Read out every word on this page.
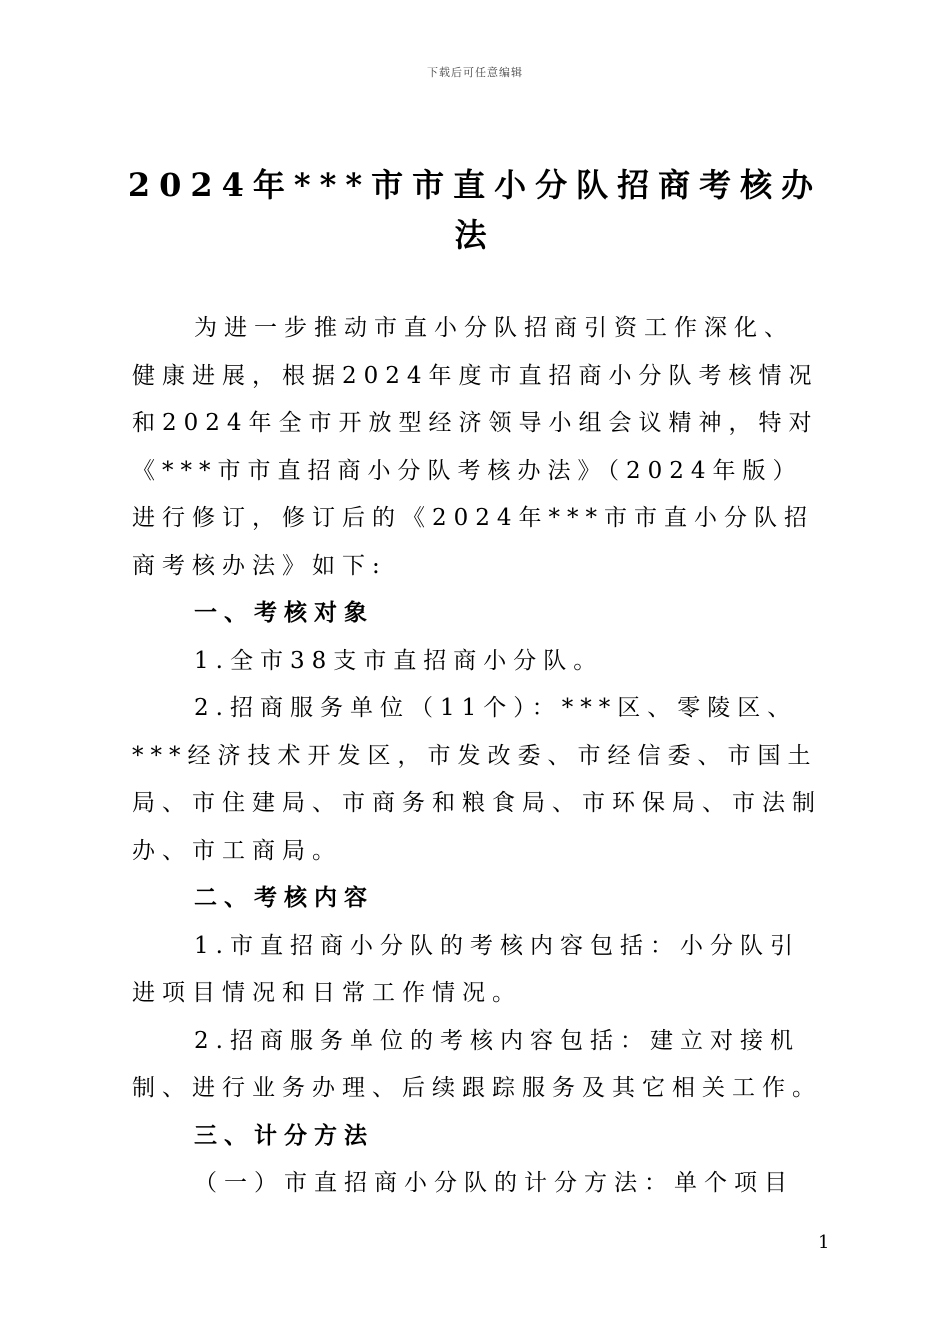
下载后可任意编辑
2024年***市市直小分队招商考核办
法

为进一步推动市直小分队招商引资工作深化、健康进展，根据2024年度市直招商小分队考核情况和2024年全市开放型经济领导小组会议精神，特对《***市市直招商小分队考核办法》（2024年版）进行修订，修订后的《2024年***市市直小分队招商考核办法》如下:

一、考核对象

1.全市38支市直招商小分队。

2.招商服务单位（11个）：***区、零陵区、***经济技术开发区，市发改委、市经信委、市国土局、市住建局、市商务和粮食局、市环保局、市法制办、市工商局。

二、考核内容

1.市直招商小分队的考核内容包括：小分队引进项目情况和日常工作情况。

2.招商服务单位的考核内容包括：建立对接机制、进行业务办理、后续跟踪服务及其它相关工作。

三、计分方法

（一）市直招商小分队的计分方法：单个项目

1
